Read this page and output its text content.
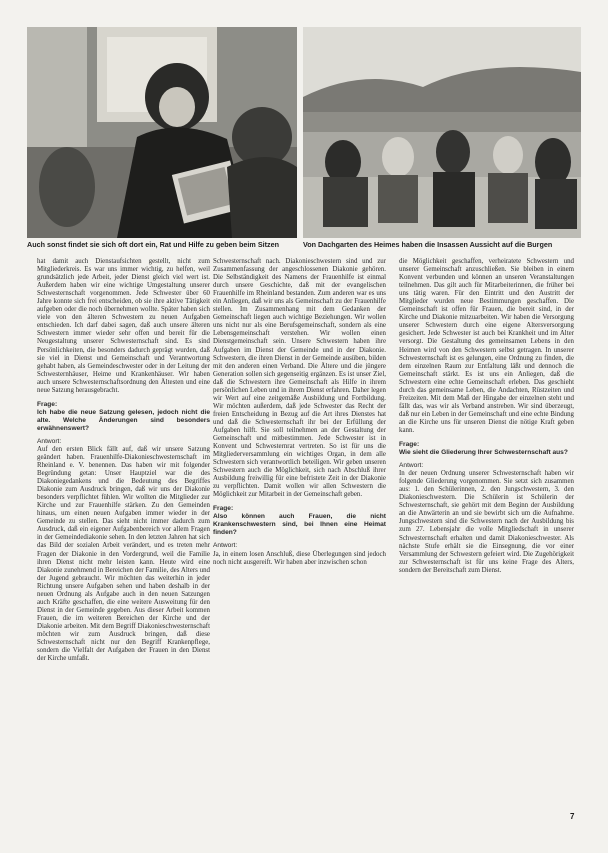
Auch sonst findet sie sich oft dort ein, Rat und Hilfe zu geben beim Sitzen	Von Dachgarten des Heimes haben die Insassen Aussicht auf die Burgen

hat damit auch Dienstaufsichten gestellt, nicht zum Mitgliederkreis. Es war uns immer wichtig, zu helfen, weil grundsätzlich jede Arbeit, jeder Dienst gleich viel wert ist. Außerdem haben wir eine wichtige Umgestaltung unserer Schwesternschaft vorgenommen. Jede Schwester über 60 Jahre konnte sich frei entscheiden, ob sie ihre aktive Tätigkeit aufgeben oder die noch übernehmen wollte. Später haben sich viele von den älteren Schwestern zu neuen Aufgaben entschieden. Ich darf dabei sagen, daß auch unsere älteren Schwestern immer wieder sehr offen und bereit für die Neugestaltung unserer Schwesternschaft sind. Es sind Persönlichkeiten, die besonders dadurch geprägt wurden, daß sie viel in Dienst und Gemeinschaft und Verantwortung gehabt haben, als Gemeindeschwester oder in der Leitung der Schwesternhäuser, Heime und Krankenhäuser. Wir haben auch unsere Schwesternschaftsordnung den Ältesten und eine neue Satzung herausgebracht.

Frage:

Ich habe die neue Satzung gelesen, jedoch nicht die alte. Welche Änderungen sind besonders erwähnenswert?

Antwort:

Auf den ersten Blick fällt auf, daß wir unsere Satzung geändert haben. Frauenhilfe-Diakonieschwesternschaft im Rheinland e. V. benennen. Das haben wir mit folgender Begründung getan: Unser Hauptziel war die des Diakoniegedankens und die Bedeutung des Begriffes Diakonie zum Ausdruck bringen, daß wir uns der Diakonie besonders verpflichtet fühlen. Wir wollten die Mitglieder zur Kirche und zur Frauenhilfe stärken. Zu den Gemeinden hinaus, um einen neuen Aufgaben immer wieder in der Gemeinde zu stellen. Das sieht nicht immer dadurch zum Ausdruck, daß ein eigener Aufgabenbereich vor allem Fragen in der Gemeindediakonie sehen. In den letzten Jahren hat sich das Bild der sozialen Arbeit verändert, und es treten mehr Fragen der Diakonie in den Vordergrund, weil die Familie ihren Dienst nicht mehr leisten kann. Heute wird eine Diakonie zunehmend in Bereichen der Familie, des Alters und der Jugend gebraucht. Wir möchten das weiterhin in jeder Richtung unsere Aufgaben sehen und haben deshalb in der neuen Ordnung als Aufgabe auch in den neuen Satzungen auch Kräfte geschaffen, die eine weitere Ausweitung für den Dienst in der Gemeinde gegeben. Aus dieser Arbeit kommen Frauen, die im weiteren Bereichen der Kirche und der Diakonie arbeiten. Mit dem Begriff Diakonieschwesternschaft möchten wir zum Ausdruck bringen, daß diese Schwesternschaft nicht nur den Begriff Krankenpflege, sondern die Vielfalt der Aufgaben der Frauen in den Dienst der Kirche umfaßt.

Schwesternschaft nach. Diakonieschwestern sind und zur Zusammenfassung der angeschlossenen Diakonie gehören. Die Selbständigkeit des Namens der Frauenhilfe ist einmal durch unsere Geschichte, daß mit der evangelischen Frauenhilfe im Rheinland bestanden. Zum anderen war es uns ein Anliegen, daß wir uns als Gemeinschaft zu der Frauenhilfe stellen. Im Zusammenhang mit dem Gedanken der Gemeinschaft liegen auch wichtige Beziehungen. Wir wollen uns nicht nur als eine Berufsgemeinschaft, sondern als eine Lebensgemeinschaft verstehen. Wir wollen einen Dienstgemeinschaft sein. Unsere Schwestern haben ihre Aufgaben im Dienst der Gemeinde und in der Diakonie. Schwestern, die ihren Dienst in der Gemeinde ausüben, bilden mit den anderen einen Verband. Die Ältere und die jüngere Generation sollen sich gegenseitig ergänzen. Es ist unser Ziel, daß die Schwestern ihre Gemeinschaft als Hilfe in ihrem persönlichen Leben und in ihrem Dienst erfahren. Daher legen wir Wert auf eine zeitgemäße Ausbildung und Fortbildung. Wir möchten außerdem, daß jede Schwester das Recht der freien Entscheidung in Bezug auf die Art ihres Dienstes hat und daß die Schwesternschaft ihr bei der Erfüllung der Aufgaben hilft. Sie soll teilnehmen an der Gestaltung der Gemeinschaft und mitbestimmen. Jede Schwester ist in Konvent und Schwesternrat vertreten. So ist für uns die Mitgliederversammlung ein wichtiges Organ, in dem alle Schwestern sich verantwortlich beteiligen. Wir geben unseren Schwestern auch die Möglichkeit, sich nach Abschluß ihrer Ausbildung freiwillig für eine befristete Zeit in der Diakonie zu verpflichten. Damit wollen wir allen Schwestern die Möglichkeit zur Mitarbeit in der Gemeinschaft geben.

Frage:

Also können auch Frauen, die nicht Krankenschwestern sind, bei Ihnen eine Heimat finden?

Antwort:

Ja, in einem losen Anschluß, diese Überlegungen sind jedoch noch nicht ausgereift. Wir haben aber inzwischen schon

die Möglichkeit geschaffen, verheiratete Schwestern und unserer Gemeinschaft anzuschließen. Sie bleiben in einem Konvent verbunden und können an unseren Veranstaltungen teilnehmen. Das gilt auch für Mitarbeiterinnen, die früher bei uns tätig waren. Für den Eintritt und den Austritt der Mitglieder wurden neue Bestimmungen geschaffen. Die Gemeinschaft ist offen für Frauen, die bereit sind, in der Kirche und Diakonie mitzuarbeiten. Wir haben die Versorgung unserer Schwestern durch eine eigene Altersversorgung gesichert. Jede Schwester ist auch bei Krankheit und im Alter versorgt. Die Gestaltung des gemeinsamen Lebens in den Heimen wird von den Schwestern selbst getragen. In unserer Schwesternschaft ist es gelungen, eine Ordnung zu finden, die dem einzelnen Raum zur Entfaltung läßt und dennoch die Gemeinschaft stärkt. Es ist uns ein Anliegen, daß die Schwestern eine echte Gemeinschaft erleben. Das geschieht durch das gemeinsame Leben, die Andachten, Rüstzeiten und Freizeiten. Mit dem Maß der Hingabe der einzelnen steht und fällt das, was wir als Verband anstreben. Wir sind überzeugt, daß nur ein Leben in der Gemeinschaft und eine echte Bindung an die Kirche uns für unseren Dienst die nötige Kraft geben kann.

Frage:

Wie sieht die Gliederung Ihrer Schwesternschaft aus?

Antwort:

In der neuen Ordnung unserer Schwesternschaft haben wir folgende Gliederung vorgenommen. Sie setzt sich zusammen aus: 1. den Schülerinnen, 2. den Jungschwestern, 3. den Diakonieschwestern. Die Schülerin ist Schülerin der Schwesternschaft, sie gehört mit dem Beginn der Ausbildung an die Anwärterin an und sie bewirbt sich um die Aufnahme. Jungschwestern sind die Schwestern nach der Ausbildung bis zum 27. Lebensjahr die volle Mitgliedschaft in unserer Schwesternschaft erhalten und damit Diakonieschwester. Als nächste Stufe erhält sie die Einsegnung, die vor einer Versammlung der Schwestern gefeiert wird. Die Zugehörigkeit zur Schwesternschaft ist für uns keine Frage des Alters, sondern der Bereitschaft zum Dienst.

7
